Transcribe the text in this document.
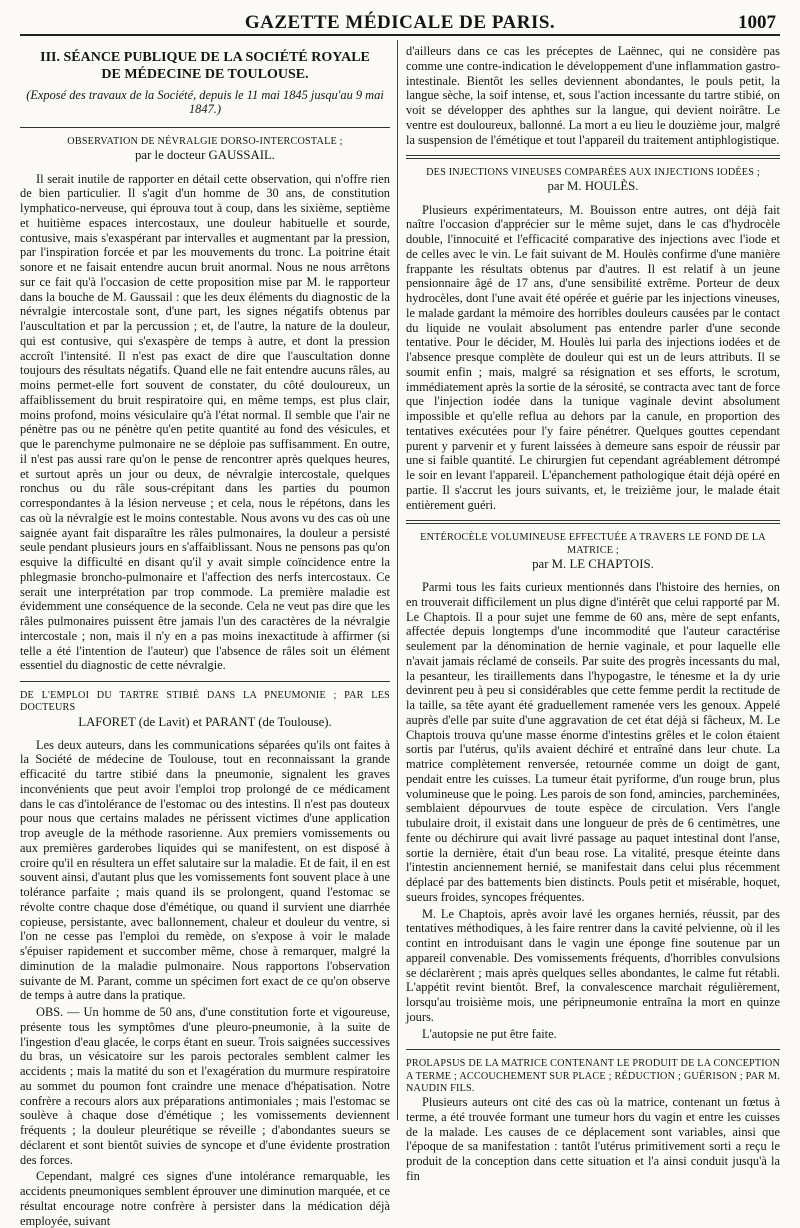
GAZETTE MÉDICALE DE PARIS.	1007
III. SÉANCE PUBLIQUE DE LA SOCIÉTÉ ROYALE
DE MÉDECINE DE TOULOUSE.
(Exposé des travaux de la Société, depuis le 11 mai 1845 jusqu'au 9 mai 1847.)

OBSERVATION DE NÉVRALGIE DORSO-INTERCOSTALE ;

par le docteur GAUSSAIL.

Il serait inutile de rapporter en détail cette observation, qui n'offre rien de bien particulier. Il s'agit d'un homme de 30 ans, de constitution lymphatico-nerveuse, qui éprouva tout à coup, dans les sixième, septième et huitième espaces intercostaux, une douleur habituelle et sourde, contusive, mais s'exaspérant par intervalles et augmentant par la pression, par l'inspiration forcée et par les mouvements du tronc. La poitrine était sonore et ne faisait entendre aucun bruit anormal. Nous ne nous arrêtons sur ce fait qu'à l'occasion de cette proposition mise par M. le rapporteur dans la bouche de M. Gaussail : que les deux éléments du diagnostic de la névralgie intercostale sont, d'une part, les signes négatifs obtenus par l'auscultation et par la percussion ; et, de l'autre, la nature de la douleur, qui est contusive, qui s'exaspère de temps à autre, et dont la pression accroît l'intensité. Il n'est pas exact de dire que l'auscultation donne toujours des résultats négatifs. Quand elle ne fait entendre aucuns râles, au moins permet-elle fort souvent de constater, du côté douloureux, un affaiblissement du bruit respiratoire qui, en même temps, est plus clair, moins profond, moins vésiculaire qu'à l'état normal. Il semble que l'air ne pénètre pas ou ne pénètre qu'en petite quantité au fond des vésicules, et que le parenchyme pulmonaire ne se déploie pas suffisamment. En outre, il n'est pas aussi rare qu'on le pense de rencontrer après quelques heures, et surtout après un jour ou deux, de névralgie intercostale, quelques ronchus ou du râle sous-crépitant dans les parties du poumon correspondantes à la lésion nerveuse ; et cela, nous le répétons, dans les cas où la névralgie est le moins contestable. Nous avons vu des cas où une saignée ayant fait disparaître les râles pulmonaires, la douleur a persisté seule pendant plusieurs jours en s'affaiblissant. Nous ne pensons pas qu'on esquive la difficulté en disant qu'il y avait simple coïncidence entre la phlegmasie broncho-pulmonaire et l'affection des nerfs intercostaux. Ce serait une interprétation par trop commode. La première maladie est évidemment une conséquence de la seconde. Cela ne veut pas dire que les râles pulmonaires puissent être jamais l'un des caractères de la névralgie intercostale ; non, mais il n'y en a pas moins inexactitude à affirmer (si telle a été l'intention de l'auteur) que l'absence de râles soit un élément essentiel du diagnostic de cette névralgie.

DE L'EMPLOI DU TARTRE STIBIÉ DANS LA PNEUMONIE ; PAR LES DOCTEURS

LAFORET (de Lavit) et PARANT (de Toulouse).

Les deux auteurs, dans les communications séparées qu'ils ont faites à la Société de médecine de Toulouse, tout en reconnaissant la grande efficacité du tartre stibié dans la pneumonie, signalent les graves inconvénients que peut avoir l'emploi trop prolongé de ce médicament dans le cas d'intolérance de l'estomac ou des intestins. Il n'est pas douteux pour nous que certains malades ne périssent victimes d'une application trop aveugle de la méthode rasorienne. Aux premiers vomissements ou aux premières garderobes liquides qui se manifestent, on est disposé à croire qu'il en résultera un effet salutaire sur la maladie. Et de fait, il en est souvent ainsi, d'autant plus que les vomissements font souvent place à une tolérance parfaite ; mais quand ils se prolongent, quand l'estomac se révolte contre chaque dose d'émétique, ou quand il survient une diarrhée copieuse, persistante, avec ballonnement, chaleur et douleur du ventre, si l'on ne cesse pas l'emploi du remède, on s'expose à voir le malade s'épuiser rapidement et succomber même, chose à remarquer, malgré la diminution de la maladie pulmonaire. Nous rapportons l'observation suivante de M. Parant, comme un spécimen fort exact de ce qu'on observe de temps à autre dans la pratique.

OBS. — Un homme de 50 ans, d'une constitution forte et vigoureuse, présente tous les symptômes d'une pleuro-pneumonie, à la suite de l'ingestion d'eau glacée, le corps étant en sueur. Trois saignées successives du bras, un vésicatoire sur les parois pectorales semblent calmer les accidents ; mais la matité du son et l'exagération du murmure respiratoire au sommet du poumon font craindre une menace d'hépatisation. Notre confrère a recours alors aux préparations antimoniales ; mais l'estomac se soulève à chaque dose d'émétique ; les vomissements deviennent fréquents ; la douleur pleurétique se réveille ; d'abondantes sueurs se déclarent et sont bientôt suivies de syncope et d'une évidente prostration des forces.

Cependant, malgré ces signes d'une intolérance remarquable, les accidents pneumoniques semblent éprouver une diminution marquée, et ce résultat encourage notre confrère à persister dans la médication déjà employée, suivant

d'ailleurs dans ce cas les préceptes de Laënnec, qui ne considère pas comme une contre-indication le développement d'une inflammation gastro-intestinale. Bientôt les selles deviennent abondantes, le pouls petit, la langue sèche, la soif intense, et, sous l'action incessante du tartre stibié, on voit se développer des aphthes sur la langue, qui devient noirâtre. Le ventre est douloureux, ballonné. La mort a eu lieu le douzième jour, malgré la suspension de l'émétique et tout l'appareil du traitement antiphlogistique.

DES INJECTIONS VINEUSES COMPARÉES AUX INJECTIONS IODÉES ;

par M. HOULÈS.

Plusieurs expérimentateurs, M. Bouisson entre autres, ont déjà fait naître l'occasion d'apprécier sur le même sujet, dans le cas d'hydrocèle double, l'innocuité et l'efficacité comparative des injections avec l'iode et de celles avec le vin. Le fait suivant de M. Houlès confirme d'une manière frappante les résultats obtenus par d'autres. Il est relatif à un jeune pensionnaire âgé de 17 ans, d'une sensibilité extrême. Porteur de deux hydrocèles, dont l'une avait été opérée et guérie par les injections vineuses, le malade gardant la mémoire des horribles douleurs causées par le contact du liquide ne voulait absolument pas entendre parler d'une seconde tentative. Pour le décider, M. Houlès lui parla des injections iodées et de l'absence presque complète de douleur qui est un de leurs attributs. Il se soumit enfin ; mais, malgré sa résignation et ses efforts, le scrotum, immédiatement après la sortie de la sérosité, se contracta avec tant de force que l'injection iodée dans la tunique vaginale devint absolument impossible et qu'elle reflua au dehors par la canule, en proportion des tentatives exécutées pour l'y faire pénétrer. Quelques gouttes cependant purent y parvenir et y furent laissées à demeure sans espoir de réussir par une si faible quantité. Le chirurgien fut cependant agréablement détrompé le soir en levant l'appareil. L'épanchement pathologique était déjà opéré en partie. Il s'accrut les jours suivants, et, le treizième jour, le malade était entièrement guéri.

ENTÉROCÈLE VOLUMINEUSE EFFECTUÉE A TRAVERS LE FOND DE LA MATRICE ;

par M. LE CHAPTOIS.

Parmi tous les faits curieux mentionnés dans l'histoire des hernies, on en trouverait difficilement un plus digne d'intérêt que celui rapporté par M. Le Chaptois. Il a pour sujet une femme de 60 ans, mère de sept enfants, affectée depuis longtemps d'une incommodité que l'auteur caractérise seulement par la dénomination de hernie vaginale, et pour laquelle elle n'avait jamais réclamé de conseils. Par suite des progrès incessants du mal, la pesanteur, les tiraillements dans l'hypogastre, le ténesme et la dy urie devinrent peu à peu si considérables que cette femme perdit la rectitude de la taille, sa tête ayant été graduellement ramenée vers les genoux. Appelé auprès d'elle par suite d'une aggravation de cet état déjà si fâcheux, M. Le Chaptois trouva qu'une masse énorme d'intestins grêles et le colon étaient sortis par l'utérus, qu'ils avaient déchiré et entraîné dans leur chute. La matrice complètement renversée, retournée comme un doigt de gant, pendait entre les cuisses. La tumeur était pyriforme, d'un rouge brun, plus volumineuse que le poing. Les parois de son fond, amincies, parcheminées, semblaient dépourvues de toute espèce de circulation. Vers l'angle tubulaire droit, il existait dans une longueur de près de 6 centimètres, une fente ou déchirure qui avait livré passage au paquet intestinal dont l'anse, sortie la dernière, était d'un beau rose. La vitalité, presque éteinte dans l'intestin anciennement hernié, se manifestait dans celui plus récemment déplacé par des battements bien distincts. Pouls petit et misérable, hoquet, sueurs froides, syncopes fréquentes.

M. Le Chaptois, après avoir lavé les organes herniés, réussit, par des tentatives méthodiques, à les faire rentrer dans la cavité pelvienne, où il les contint en introduisant dans le vagin une éponge fine soutenue par un appareil convenable. Des vomissements fréquents, d'horribles convulsions se déclarèrent ; mais après quelques selles abondantes, le calme fut rétabli. L'appétit revint bientôt. Bref, la convalescence marchait régulièrement, lorsqu'au troisième mois, une péripneumonie entraîna la mort en quinze jours.

L'autopsie ne put être faite.

PROLAPSUS DE LA MATRICE CONTENANT LE PRODUIT DE LA CONCEPTION A TERME ; ACCOUCHEMENT SUR PLACE ; RÉDUCTION ; GUÉRISON ; PAR M. NAUDIN FILS.

Plusieurs auteurs ont cité des cas où la matrice, contenant un fœtus à terme, a été trouvée formant une tumeur hors du vagin et entre les cuisses de la malade. Les causes de ce déplacement sont variables, ainsi que l'époque de sa manifestation : tantôt l'utérus primitivement sorti a reçu le produit de la conception dans cette situation et l'a ainsi conduit jusqu'à la fin
